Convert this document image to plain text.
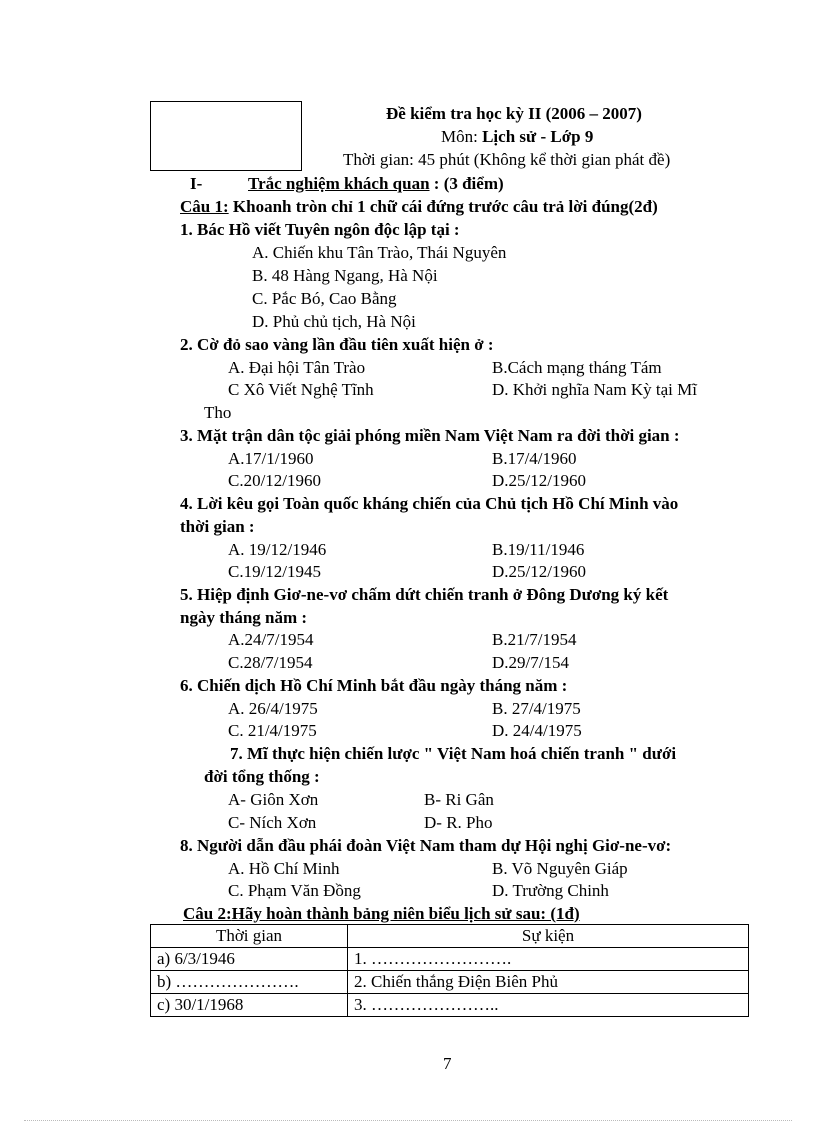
Đề kiểm tra học kỳ II (2006 – 2007)
Môn: Lịch sử - Lớp 9
Thời gian: 45 phút (Không kể thời gian phát đề)
I-	Trắc nghiệm khách quan : (3 điểm)
Câu 1: Khoanh tròn chỉ 1 chữ cái đứng trước câu trả lời đúng(2đ)
1. Bác Hồ viết Tuyên ngôn độc lập tại :
A. Chiến khu Tân Trào, Thái Nguyên
B. 48 Hàng Ngang, Hà Nội
C. Pắc Bó, Cao Bằng
D. Phủ chủ tịch, Hà Nội
2. Cờ đỏ sao vàng lần đầu tiên xuất hiện ở :
A. Đại hội Tân Trào	B.Cách mạng tháng Tám
C Xô Viết Nghệ Tĩnh	D. Khởi nghĩa Nam Kỳ tại Mĩ
Tho
3. Mặt trận dân tộc giải phóng miền Nam Việt Nam ra đời thời gian :
A.17/1/1960	B.17/4/1960
C.20/12/1960	D.25/12/1960
4. Lời kêu gọi Toàn quốc kháng chiến của Chủ tịch Hồ Chí Minh vào
thời gian :
A. 19/12/1946	B.19/11/1946
C.19/12/1945	D.25/12/1960
5. Hiệp định Giơ-ne-vơ chấm dứt chiến tranh ở Đông Dương ký kết
ngày tháng năm :
A.24/7/1954	B.21/7/1954
C.28/7/1954	D.29/7/154
6. Chiến dịch Hồ Chí Minh bắt đầu ngày tháng năm :
A. 26/4/1975	B. 27/4/1975
C. 21/4/1975	D. 24/4/1975
7. Mĩ thực hiện chiến lược " Việt Nam hoá chiến tranh " dưới
đời tổng thống :
A- Giôn Xơn	B- Ri Gân
C- Ních Xơn	D- R. Pho
8. Người dẫn đầu phái đoàn Việt Nam tham dự Hội nghị Giơ-ne-vơ:
A. Hồ Chí Minh	B. Võ Nguyên Giáp
C. Phạm Văn Đồng	D. Trường Chinh
Câu 2:Hãy hoàn thành bảng niên biểu lịch sử sau: (1đ)
Thời gian	Sự kiện
a) 6/3/1946	1. …………………….
b) ………………….	2. Chiến thắng Điện Biên Phủ
c) 30/1/1968	3. …………………..
7
